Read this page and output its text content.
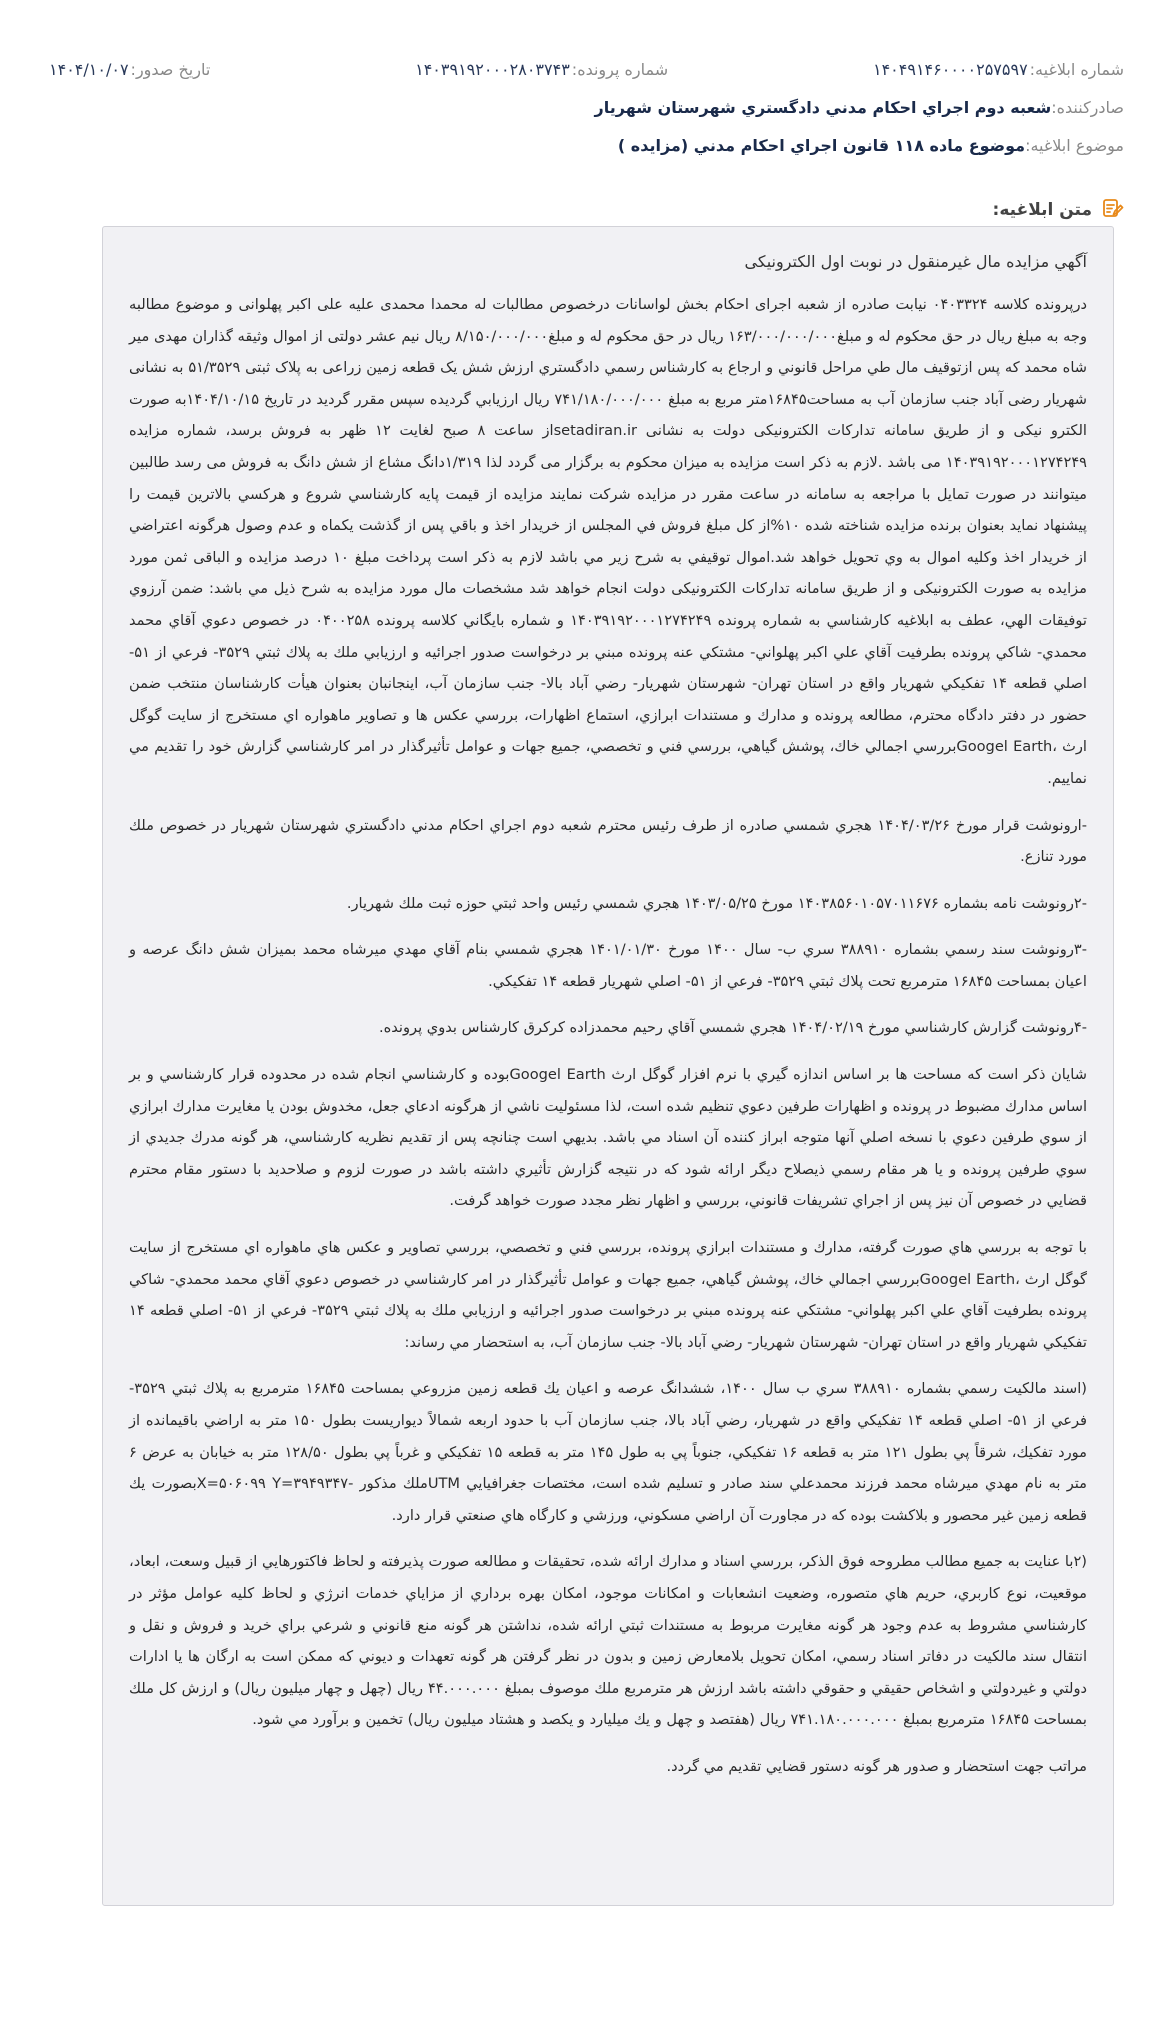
شماره ابلاغيه:
۱۴۰۴۹۱۴۶۰۰۰۰۲۵۷۵۹۷
شماره پرونده:
۱۴۰۳۹۱۹۲۰۰۰۲۸۰۳۷۴۳
تاريخ صدور:
۱۴۰۴/۱۰/۰۷
صادرکننده:
شعبه دوم اجراي احكام مدني دادگستري شهرستان شهريار
موضوع ابلاغيه:
موضوع ماده ۱۱۸ قانون اجراي احكام مدني (مزايده )
متن ابلاغيه:
آگهي مزايده مال غيرمنقول در نوبت اول الكترونيكی

درپرونده کلاسه ۰۴۰۳۳۲۴ نيابت صادره از شعبه اجرای احکام بخش لواسانات درخصوص مطالبات له محمدا محمدی عليه علی اکبر پهلوانی و موضوع مطالبه وجه به مبلغ ريال در حق محکوم له و مبلغ۱۶۳/۰۰۰/۰۰۰/۰۰۰ ريال در حق محکوم له و مبلغ۸/۱۵۰/۰۰۰/۰۰۰ ريال نيم عشر دولتی از اموال وثيقه گذاران مهدی مير شاه محمد که پس ازتوقيف مال طي مراحل قانوني و ارجاع به كارشناس رسمي دادگستري ارزش شش يک قطعه زمين زراعی به پلاک ثبتی ۵۱/۳۵۲۹ به نشانی شهريار رضی آباد جنب سازمان آب به مساحت۱۶۸۴۵متر مربع به مبلغ ۷۴۱/۱۸۰/۰۰۰/۰۰۰ ريال ارزيابي گرديده سپس مقرر گرديد در تاريخ ۱۴۰۴/۱۰/۱۵به صورت الکترو نيکی و از طريق سامانه تدارکات الکترونيکی دولت به نشانی setadiran.irاز ساعت ۸ صبح لغايت ۱۲ ظهر به فروش برسد، شماره مزايده ۱۴۰۳۹۱۹۲۰۰۰۱۲۷۴۲۴۹ می باشد .لازم به ذکر است مزايده به ميزان محکوم به برگزار می گردد لذا ۱/۳۱۹دانگ مشاع از شش دانگ به فروش می رسد طالبين ميتوانند در صورت تمايل با مراجعه به سامانه در ساعت مقرر در مزايده شرکت نمايند مزايده از قيمت پايه کارشناسي شروع و هرکسي بالاترين قيمت را پيشنهاد نمايد بعنوان برنده مزايده شناخته شده ۱۰%از کل مبلغ فروش في المجلس از خريدار اخذ و باقي پس از گذشت يکماه و عدم وصول هرگونه اعتراضي از خريدار اخذ وكليه اموال به وي تحويل خواهد شد.اموال توقيفي به شرح زير مي باشد لازم به ذکر است پرداخت مبلغ ۱۰ درصد مزايده و الباقی ثمن مورد مزايده به صورت الکترونيکی و از طريق سامانه تدارکات الکترونيکی دولت انجام خواهد شد مشخصات مال مورد مزايده به شرح ذيل مي باشد: ضمن آرزوي توفيقات الهي، عطف به ابلاغيه كارشناسي به شماره پرونده ۱۴۰۳۹۱۹۲۰۰۰۱۲۷۴۲۴۹ و شماره بايگاني كلاسه پرونده ۰۴۰۰۲۵۸ در خصوص دعوي آقاي محمد محمدي- شاكي پرونده بطرفيت آقاي علي اكبر پهلواني- مشتكي عنه پرونده مبني بر درخواست صدور اجرائيه و ارزيابي ملك به پلاك ثبتي ۳۵۲۹- فرعي از ۵۱- اصلي قطعه ۱۴ تفكيكي شهريار واقع در استان تهران- شهرستان شهريار- رضي آباد بالا- جنب سازمان آب، اينجانبان بعنوان هيأت كارشناسان منتخب ضمن حضور در دفتر دادگاه محترم، مطالعه پرونده و مدارك و مستندات ابرازي، استماع اظهارات، بررسي عكس ها و تصاوير ماهواره اي مستخرج از سايت گوگل ارث ،Googel Earthبررسي اجمالي خاك، پوشش گياهي، بررسي فني و تخصصي، جميع جهات و عوامل تأثيرگذار در امر كارشناسي گزارش خود را تقديم مي نماييم.

-ارونوشت قرار مورخ ۱۴۰۴/۰۳/۲۶ هجري شمسي صادره از طرف رئيس محترم شعبه دوم اجراي احكام مدني دادگستري شهرستان شهريار در خصوص ملك مورد تنازع.

-۲رونوشت نامه بشماره ۱۴۰۳۸۵۶۰۱۰۵۷۰۱۱۶۷۶ مورخ ۱۴۰۳/۰۵/۲۵ هجري شمسي رئيس واحد ثبتي حوزه ثبت ملك شهريار.

-۳رونوشت سند رسمي بشماره ۳۸۸۹۱۰ سري ب- سال ۱۴۰۰ مورخ ۱۴۰۱/۰۱/۳۰ هجري شمسي بنام آقاي مهدي ميرشاه محمد بميزان شش دانگ عرصه و اعيان بمساحت ۱۶۸۴۵ مترمربع تحت پلاك ثبتي ۳۵۲۹- فرعي از ۵۱- اصلي شهريار قطعه ۱۴ تفكيكي.

-۴رونوشت گزارش كارشناسي مورخ ۱۴۰۴/۰۲/۱۹ هجري شمسي آقاي رحيم محمدزاده كركرق كارشناس بدوي پرونده.

شايان ذكر است كه مساحت ها بر اساس اندازه گيري با نرم افزار گوگل ارث Googel Earthبوده و كارشناسي انجام شده در محدوده قرار كارشناسي و بر اساس مدارك مضبوط در پرونده و اظهارات طرفين دعوي تنظيم شده است، لذا مسئوليت ناشي از هرگونه ادعاي جعل، مخدوش بودن يا مغايرت مدارك ابرازي از سوي طرفين دعوي با نسخه اصلي آنها متوجه ابراز كننده آن اسناد مي باشد. بديهي است چنانچه پس از تقديم نظريه كارشناسي، هر گونه مدرك جديدي از سوي طرفين پرونده و يا هر مقام رسمي ذيصلاح ديگر ارائه شود كه در نتيجه گزارش تأثيري داشته باشد در صورت لزوم و صلاحديد با دستور مقام محترم قضايي در خصوص آن نيز پس از اجراي تشريفات قانوني، بررسي و اظهار نظر مجدد صورت خواهد گرفت.

با توجه به بررسي هاي صورت گرفته، مدارك و مستندات ابرازي پرونده، بررسي فني و تخصصي، بررسي تصاوير و عكس هاي ماهواره اي مستخرج از سايت گوگل ارث ،Googel Earthبررسي اجمالي خاك، پوشش گياهي، جميع جهات و عوامل تأثيرگذار در امر كارشناسي در خصوص دعوي آقاي محمد محمدي- شاكي پرونده بطرفيت آقاي علي اكبر پهلواني- مشتكي عنه پرونده مبني بر درخواست صدور اجرائيه و ارزيابي ملك به پلاك ثبتي ۳۵۲۹- فرعي از ۵۱- اصلي قطعه ۱۴ تفكيكي شهريار واقع در استان تهران- شهرستان شهريار- رضي آباد بالا- جنب سازمان آب، به استحضار مي رساند:

(اسند مالكيت رسمي بشماره ۳۸۸۹۱۰ سري ب سال ۱۴۰۰، ششدانگ عرصه و اعيان يك قطعه زمين مزروعي بمساحت ۱۶۸۴۵ مترمربع به پلاك ثبتي ۳۵۲۹- فرعي از ۵۱- اصلي قطعه ۱۴ تفكيكي واقع در شهريار، رضي آباد بالا، جنب سازمان آب با حدود اربعه شمالاً ديواريست بطول ۱۵۰ متر به اراضي باقيمانده از مورد تفكيك، شرقاً پي بطول ۱۲۱ متر به قطعه ۱۶ تفكيكي، جنوباً پي به طول ۱۴۵ متر به قطعه ۱۵ تفكيكي و غرباً پي بطول ۱۲۸/۵۰ متر به خيابان به عرض ۶ متر به نام مهدي ميرشاه محمد فرزند محمدعلي سند صادر و تسليم شده است، مختصات جغرافيايي UTMملك مذكور -X=۵۰۶۰۹۹ Y=۳۹۴۹۳۴۷بصورت يك قطعه زمين غير محصور و بلاكشت بوده كه در مجاورت آن اراضي مسكوني، ورزشي و كارگاه هاي صنعتي قرار دارد.

(۲با عنايت به جميع مطالب مطروحه فوق الذكر، بررسي اسناد و مدارك ارائه شده، تحقيقات و مطالعه صورت پذيرفته و لحاظ فاكتورهايي از قبيل وسعت، ابعاد، موقعيت، نوع كاربري، حريم هاي متصوره، وضعيت انشعابات و امكانات موجود، امكان بهره برداري از مزاياي خدمات انرژي و لحاظ كليه عوامل مؤثر در كارشناسي مشروط به عدم وجود هر گونه مغايرت مربوط به مستندات ثبتي ارائه شده، نداشتن هر گونه منع قانوني و شرعي براي خريد و فروش و نقل و انتقال سند مالكيت در دفاتر اسناد رسمي، امكان تحويل بلامعارض زمين و بدون در نظر گرفتن هر گونه تعهدات و ديوني كه ممكن است به ارگان ها يا ادارات دولتي و غيردولتي و اشخاص حقيقي و حقوقي داشته باشد ارزش هر مترمربع ملك موصوف بمبلغ ۴۴.۰۰۰.۰۰۰ ريال (چهل و چهار ميليون ريال) و ارزش كل ملك بمساحت ۱۶۸۴۵ مترمربع بمبلغ ۷۴۱.۱۸۰.۰۰۰.۰۰۰ ريال (هفتصد و چهل و يك ميليارد و يكصد و هشتاد ميليون ريال) تخمين و برآورد مي شود.

مراتب جهت استحضار و صدور هر گونه دستور قضايي تقديم مي گردد.
